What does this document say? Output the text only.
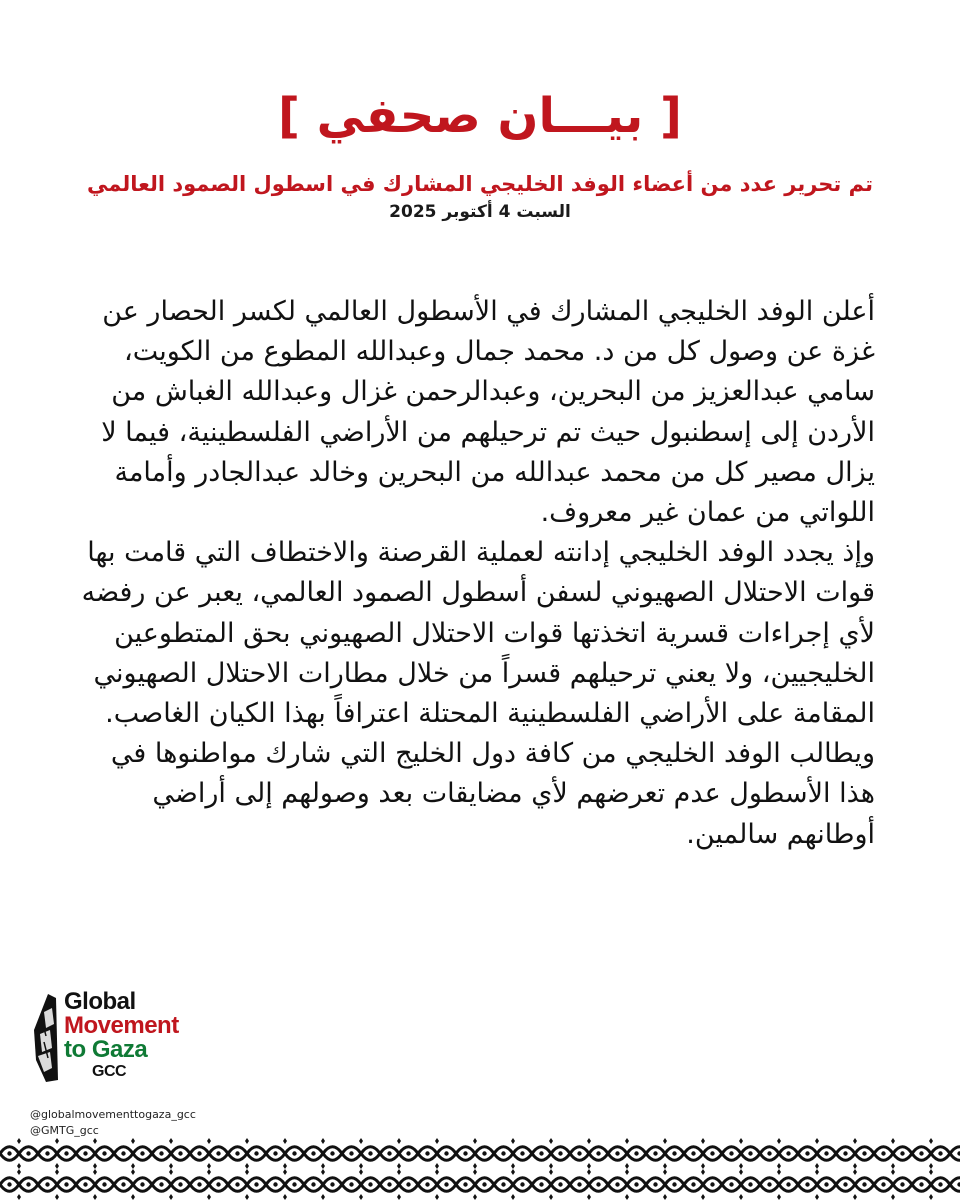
[ بيـــان صحفي ]

تم تحرير عدد من أعضاء الوفد الخليجي المشارك في اسطول الصمود العالمي

السبت 4 أكتوبر 2025

أعلن الوفد الخليجي المشارك في الأسطول العالمي لكسر الحصار عن غزة عن وصول كل من د. محمد جمال وعبدالله المطوع من الكويت، سامي عبدالعزيز من البحرين، وعبدالرحمن غزال وعبدالله الغباش من الأردن إلى إسطنبول حيث تم ترحيلهم من الأراضي الفلسطينية، فيما لا يزال مصير كل من محمد عبدالله من البحرين وخالد عبدالجادر وأمامة اللواتي من عمان غير معروف.

وإذ يجدد الوفد الخليجي إدانته لعملية القرصنة والاختطاف التي قامت بها قوات الاحتلال الصهيوني لسفن أسطول الصمود العالمي، يعبر عن رفضه لأي إجراءات قسرية اتخذتها قوات الاحتلال الصهيوني بحق المتطوعين الخليجيين، ولا يعني ترحيلهم قسراً من خلال مطارات الاحتلال الصهيوني المقامة على الأراضي الفلسطينية المحتلة اعترافاً بهذا الكيان الغاصب.

ويطالب الوفد الخليجي من كافة دول الخليج التي شارك مواطنوها في هذا الأسطول عدم تعرضهم لأي مضايقات بعد وصولهم إلى أراضي أوطانهم سالمين.

Global
Movement
to Gaza
GCC
@globalmovementtogaza_gcc
@GMTG_gcc
